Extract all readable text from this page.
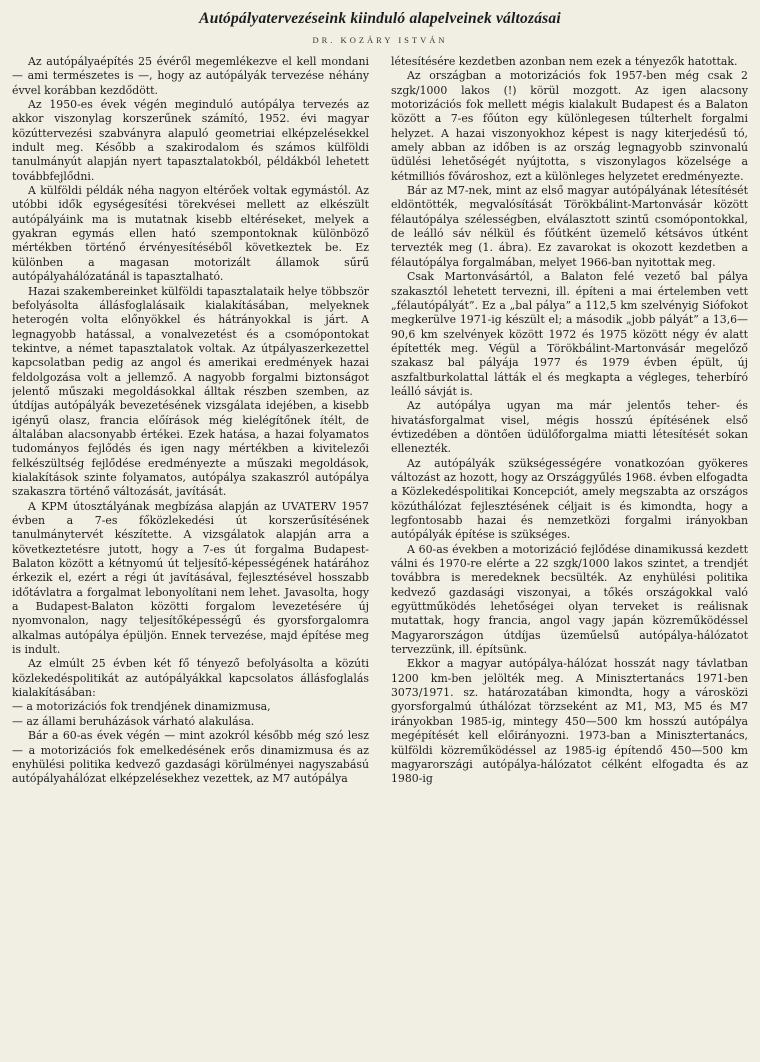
Autópályatervezéseink kiinduló alapelveinek változásai
DR. KOZÁRY ISTVÁN

Az autópályaépítés 25 évéről megemlékezve el kell mondani — ami természetes is —, hogy az autópályák tervezése néhány évvel korábban kezdődött.

Az 1950-es évek végén meginduló autópálya tervezés az akkor viszonylag korszerűnek számító, 1952. évi magyar közúttervezési szabványra alapuló geometriai elképzelésekkel indult meg. Később a szakirodalom és számos külföldi tanulmányút alapján nyert tapasztalatokból, példákból lehetett továbbfejlődni.

A külföldi példák néha nagyon eltérőek voltak egymástól. Az utóbbi idők egységesítési törekvései mellett az elkészült autópályáink ma is mutatnak kisebb eltéréseket, melyek a gyakran egymás ellen ható szempontoknak különböző mértékben történő érvényesítéséből következtek be. Ez különben a magasan motorizált államok sűrű autópályahálózatánál is tapasztalható.

Hazai szakembereinket külföldi tapasztalataik helye többször befolyásolta állásfoglalásaik kialakításában, melyeknek heterogén volta előnyökkel és hátrányokkal is járt. A legnagyobb hatással, a vonalvezetést és a csomópontokat tekintve, a német tapasztalatok voltak. Az útpályaszerkezettel kapcsolatban pedig az angol és amerikai eredmények hazai feldolgozása volt a jellemző. A nagyobb forgalmi biztonságot jelentő műszaki megoldásokkal álltak részben szemben, az útdíjas autópályák bevezetésének vizsgálata idejében, a kisebb igényű olasz, francia előírások még kielégítőnek ítélt, de általában alacsonyabb értékei. Ezek hatása, a hazai folyamatos tudományos fejlődés és igen nagy mértékben a kivitelezői felkészültség fejlődése eredményezte a műszaki megoldások, kialakítások szinte folyamatos, autópálya szakaszról autópálya szakaszra történő változását, javítását.

A KPM útosztályának megbízása alapján az UVATERV 1957 évben a 7-es főközlekedési út korszerűsítésének tanulmánytervét készítette. A vizsgálatok alapján arra a következtetésre jutott, hogy a 7-es út forgalma Budapest-Balaton között a kétnyomú út teljesítő-képességének határához érkezik el, ezért a régi út javításával, fejlesztésével hosszabb időtávlatra a forgalmat lebonyolítani nem lehet. Javasolta, hogy a Budapest-Balaton közötti forgalom levezetésére új nyomvonalon, nagy teljesítőképességű és gyorsforgalomra alkalmas autópálya épüljön. Ennek tervezése, majd építése meg is indult.

Az elmúlt 25 évben két fő tényező befolyásolta a közúti közlekedéspolitikát az autópályákkal kapcsolatos állásfoglalás kialakításában:

— a motorizációs fok trendjének dinamizmusa,

— az állami beruházások várható alakulása.

Bár a 60-as évek végén — mint azokról később még szó lesz — a motorizációs fok emelkedésének erős dinamizmusa és az enyhülési politika kedvező gazdasági körülményei nagyszabású autópályahálózat elképzelésekhez vezettek, az M7 autópálya

létesítésére kezdetben azonban nem ezek a tényezők hatottak.

Az országban a motorizációs fok 1957-ben még csak 2 szgk/1000 lakos (!) körül mozgott. Az igen alacsony motorizációs fok mellett mégis kialakult Budapest és a Balaton között a 7-es főúton egy különlegesen túlterhelt forgalmi helyzet. A hazai viszonyokhoz képest is nagy kiterjedésű tó, amely abban az időben is az ország legnagyobb szinvonalú üdülési lehetőségét nyújtotta, s viszonylagos közelsége a kétmilliós fővároshoz, ezt a különleges helyzetet eredményezte.

Bár az M7-nek, mint az első magyar autópályának létesítését eldöntötték, megvalósítását Törökbálint-Martonvásár között félautópálya szélességben, elválasztott szintű csomópontokkal, de leálló sáv nélkül és főútként üzemelő kétsávos útként tervezték meg (1. ábra). Ez zavarokat is okozott kezdetben a félautópálya forgalmában, melyet 1966-ban nyitottak meg.

Csak Martonvásártól, a Balaton felé vezető bal pálya szakasztól lehetett tervezni, ill. építeni a mai értelemben vett „félautópályát”. Ez a „bal pálya” a 112,5 km szelvényig Siófokot megkerülve 1971-ig készült el; a második „jobb pályát” a 13,6—90,6 km szelvények között 1972 és 1975 között négy év alatt építették meg. Végül a Törökbálint-Martonvásár megelőző szakasz bal pályája 1977 és 1979 évben épült, új aszfaltburkolattal látták el és megkapta a végleges, teherbíró leálló sávját is.

Az autópálya ugyan ma már jelentős teher- és hivatásforgalmat visel, mégis hosszú építésének első évtizedében a döntően üdülőforgalma miatti létesítését sokan ellenezték.

Az autópályák szükségességére vonatkozóan gyökeres változást az hozott, hogy az Országgyűlés 1968. évben elfogadta a Közlekedéspolitikai Koncepciót, amely megszabta az országos közúthálózat fejlesztésének céljait is és kimondta, hogy a legfontosabb hazai és nemzetközi forgalmi irányokban autópályák építése is szükséges.

A 60-as években a motorizáció fejlődése dinamikussá kezdett válni és 1970-re elérte a 22 szgk/1000 lakos szintet, a trendjét továbbra is meredeknek becsülték. Az enyhülési politika kedvező gazdasági viszonyai, a tőkés országokkal való együttműködés lehetőségei olyan terveket is reálisnak mutattak, hogy francia, angol vagy japán közreműködéssel Magyarországon útdíjas üzeműelsű autópálya-hálózatot tervezzünk, ill. építsünk.

Ekkor a magyar autópálya-hálózat hosszát nagy távlatban 1200 km-ben jelölték meg. A Minisztertanács 1971-ben 3073/1971. sz. határozatában kimondta, hogy a városközi gyorsforgalmú úthálózat törzseként az M1, M3, M5 és M7 irányokban 1985-ig, mintegy 450—500 km hosszú autópálya megépítését kell előirányozni. 1973-ban a Minisztertanács, külföldi közreműködéssel az 1985-ig építendő 450—500 km magyarországi autópálya-hálózatot célként elfogadta és az 1980-ig
